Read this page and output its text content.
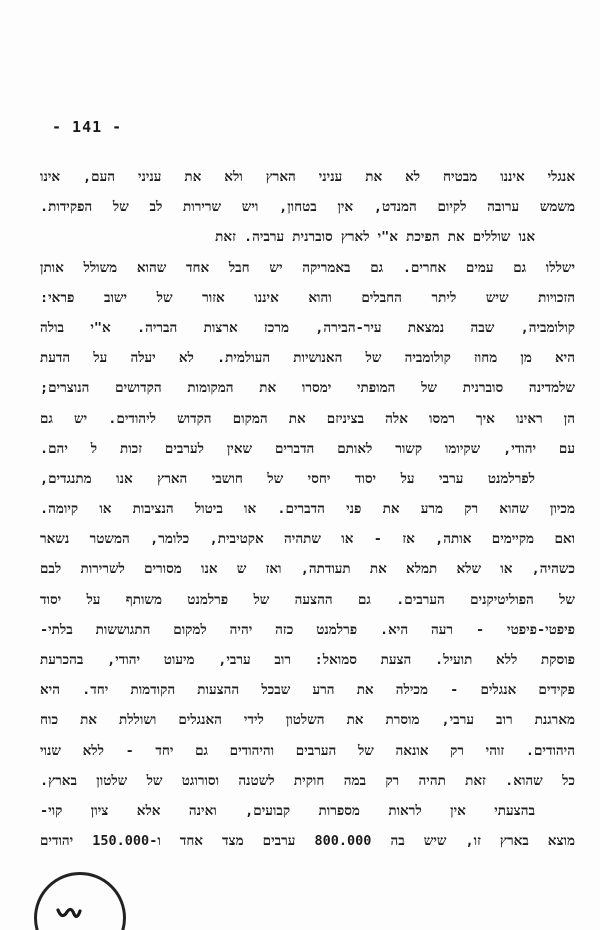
- 141 -
אנגלי איננו מבטיח לא את עניני הארץ ולא את עניני העם, אינו
משמש ערובה לקיום המנדט, אין בטחון, ויש שרירות לב של הפקידות.
אנו שוללים את הפיכת א"י לארץ סוברנית ערביה. זאת
ישללו גם עמים אחרים. גם באמריקה יש חבל אחד שהוא משולל אותן
הזכויות שיש ליתר החבלים והוא איננו אזור של ישוב פראי:
קולומביה, שבה נמצאת עיר-הבירה, מרכז ארצות הבריה. א"י בולה
היא מן מחוז קולומביה של האנושיות העולמית. לא יעלה על הדעת
שלמדינה סוברנית של המופתי ימסרו את המקומות הקדושים הנוצרים;
הן ראינו איך רמסו אלה בציניזם את המקום הקדוש ליהודים. יש גם
עם יהודי, שקיומו קשור לאותם הדברים שאין לערבים זכות ל יהם.
לפרלמנט ערבי על יסוד יחסי של חושבי הארץ אנו מתנגדים,
מכיון שהוא רק מרע את פני הדברים. או ביטול הנציבות או קיומה.
ואם מקיימים אותה, אז - או שתהיה אקטיבית, כלומר, המשטר נשאר
כשהיה, או שלא תמלא את תעודתה, ואז ש אנו מסורים לשרירות לבם
של הפוליטיקנים הערבים. גם ההצעה של פרלמנט משותף על יסוד
פיפטי-פיפטי - רעה היא. פרלמנט כזה יהיה למקום התגוששות בלתי-
פוסקת ללא תועיל. הצעת סמואל: רוב ערבי, מיעוט יהודי, בהכרעת
פקידים אנגלים - מכילה את הרע שבכל ההצעות הקודמות יחד. היא
מארגנת רוב ערבי, מוסרת את השלטון לידי האנגלים ושוללת את כוח
היהודים. זוהי רק אונאה של הערבים והיהודים גם יחד - ללא שנוי
כל שהוא. זאת תהיה רק במה חוקית לשטנה וסורוגט של שלטון בארץ.
בהצעתי אין לראות מספרות קבועים, ואינה אלא ציון קוי-
מוצא בארץ זו, שיש בה 800.000 ערבים מצד אחד ו-150.000 יהודים
